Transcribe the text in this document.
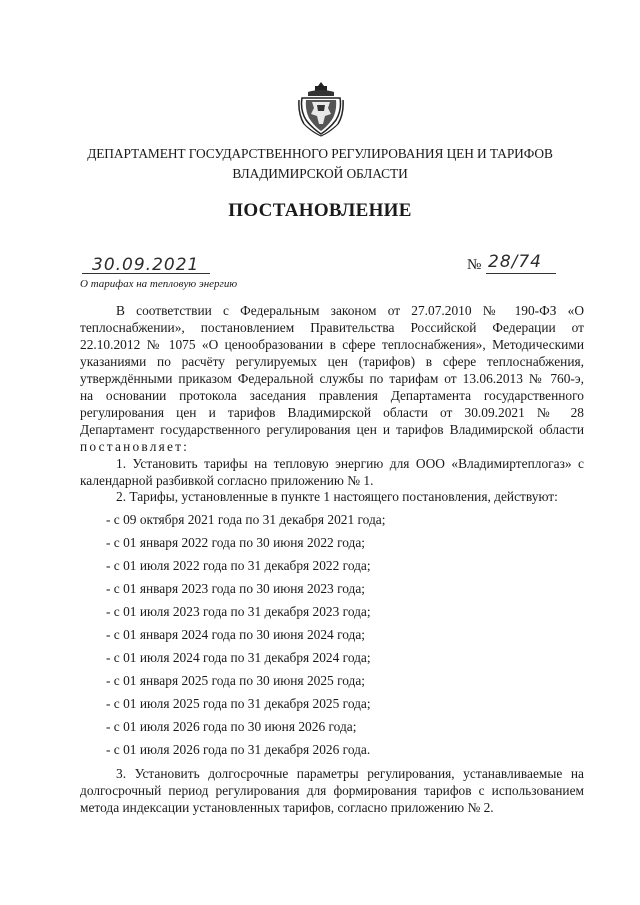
ДЕПАРТАМЕНТ ГОСУДАРСТВЕННОГО РЕГУЛИРОВАНИЯ ЦЕН И ТАРИФОВ
ВЛАДИМИРСКОЙ ОБЛАСТИ
ПОСТАНОВЛЕНИЕ
30.09.2021	№ 28/74
О тарифах на тепловую энергию
В соответствии с Федеральным законом от 27.07.2010 № 190-ФЗ «О
теплоснабжении», постановлением Правительства Российской Федерации от
22.10.2012 № 1075 «О ценообразовании в сфере теплоснабжения», Методическими
указаниями по расчёту регулируемых цен (тарифов) в сфере теплоснабжения,
утверждёнными приказом Федеральной службы по тарифам от 13.06.2013 № 760-э,
на основании протокола заседания правления Департамента государственного
регулирования цен и тарифов Владимирской области от 30.09.2021 № 28
Департамент государственного регулирования цен и тарифов Владимирской области
постановляет:
1. Установить тарифы на тепловую энергию для ООО «Владимиртеплогаз» с
календарной разбивкой согласно приложению № 1.
2. Тарифы, установленные в пункте 1 настоящего постановления, действуют:
- с 09 октября 2021 года по 31 декабря 2021 года;
- с 01 января 2022 года по 30 июня 2022 года;
- с 01 июля 2022 года по 31 декабря 2022 года;
- с 01 января 2023 года по 30 июня 2023 года;
- с 01 июля 2023 года по 31 декабря 2023 года;
- с 01 января 2024 года по 30 июня 2024 года;
- с 01 июля 2024 года по 31 декабря 2024 года;
- с 01 января 2025 года по 30 июня 2025 года;
- с 01 июля 2025 года по 31 декабря 2025 года;
- с 01 июля 2026 года по 30 июня 2026 года;
- с 01 июля 2026 года по 31 декабря 2026 года.
3. Установить долгосрочные параметры регулирования, устанавливаемые на
долгосрочный период регулирования для формирования тарифов с использованием
метода индексации установленных тарифов, согласно приложению № 2.
